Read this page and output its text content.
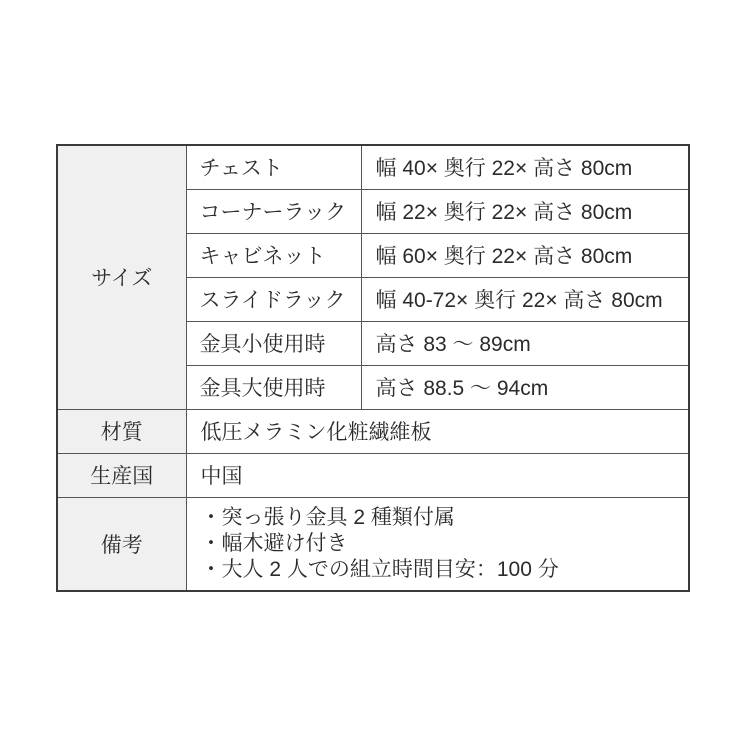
サイズ	チェスト	幅 40× 奥行 22× 高さ 80cm
	コーナーラック	幅 22× 奥行 22× 高さ 80cm
	キャビネット	幅 60× 奥行 22× 高さ 80cm
	スライドラック	幅 40-72× 奥行 22× 高さ 80cm
	金具小使用時	高さ 83 ～ 89cm
	金具大使用時	高さ 88.5 ～ 94cm
材質	低圧メラミン化粧繊維板	
生産国	中国	
備考	・突っ張り金具 2 種類付属
・幅木避け付き
・大人 2 人での組立時間目安：100 分	
